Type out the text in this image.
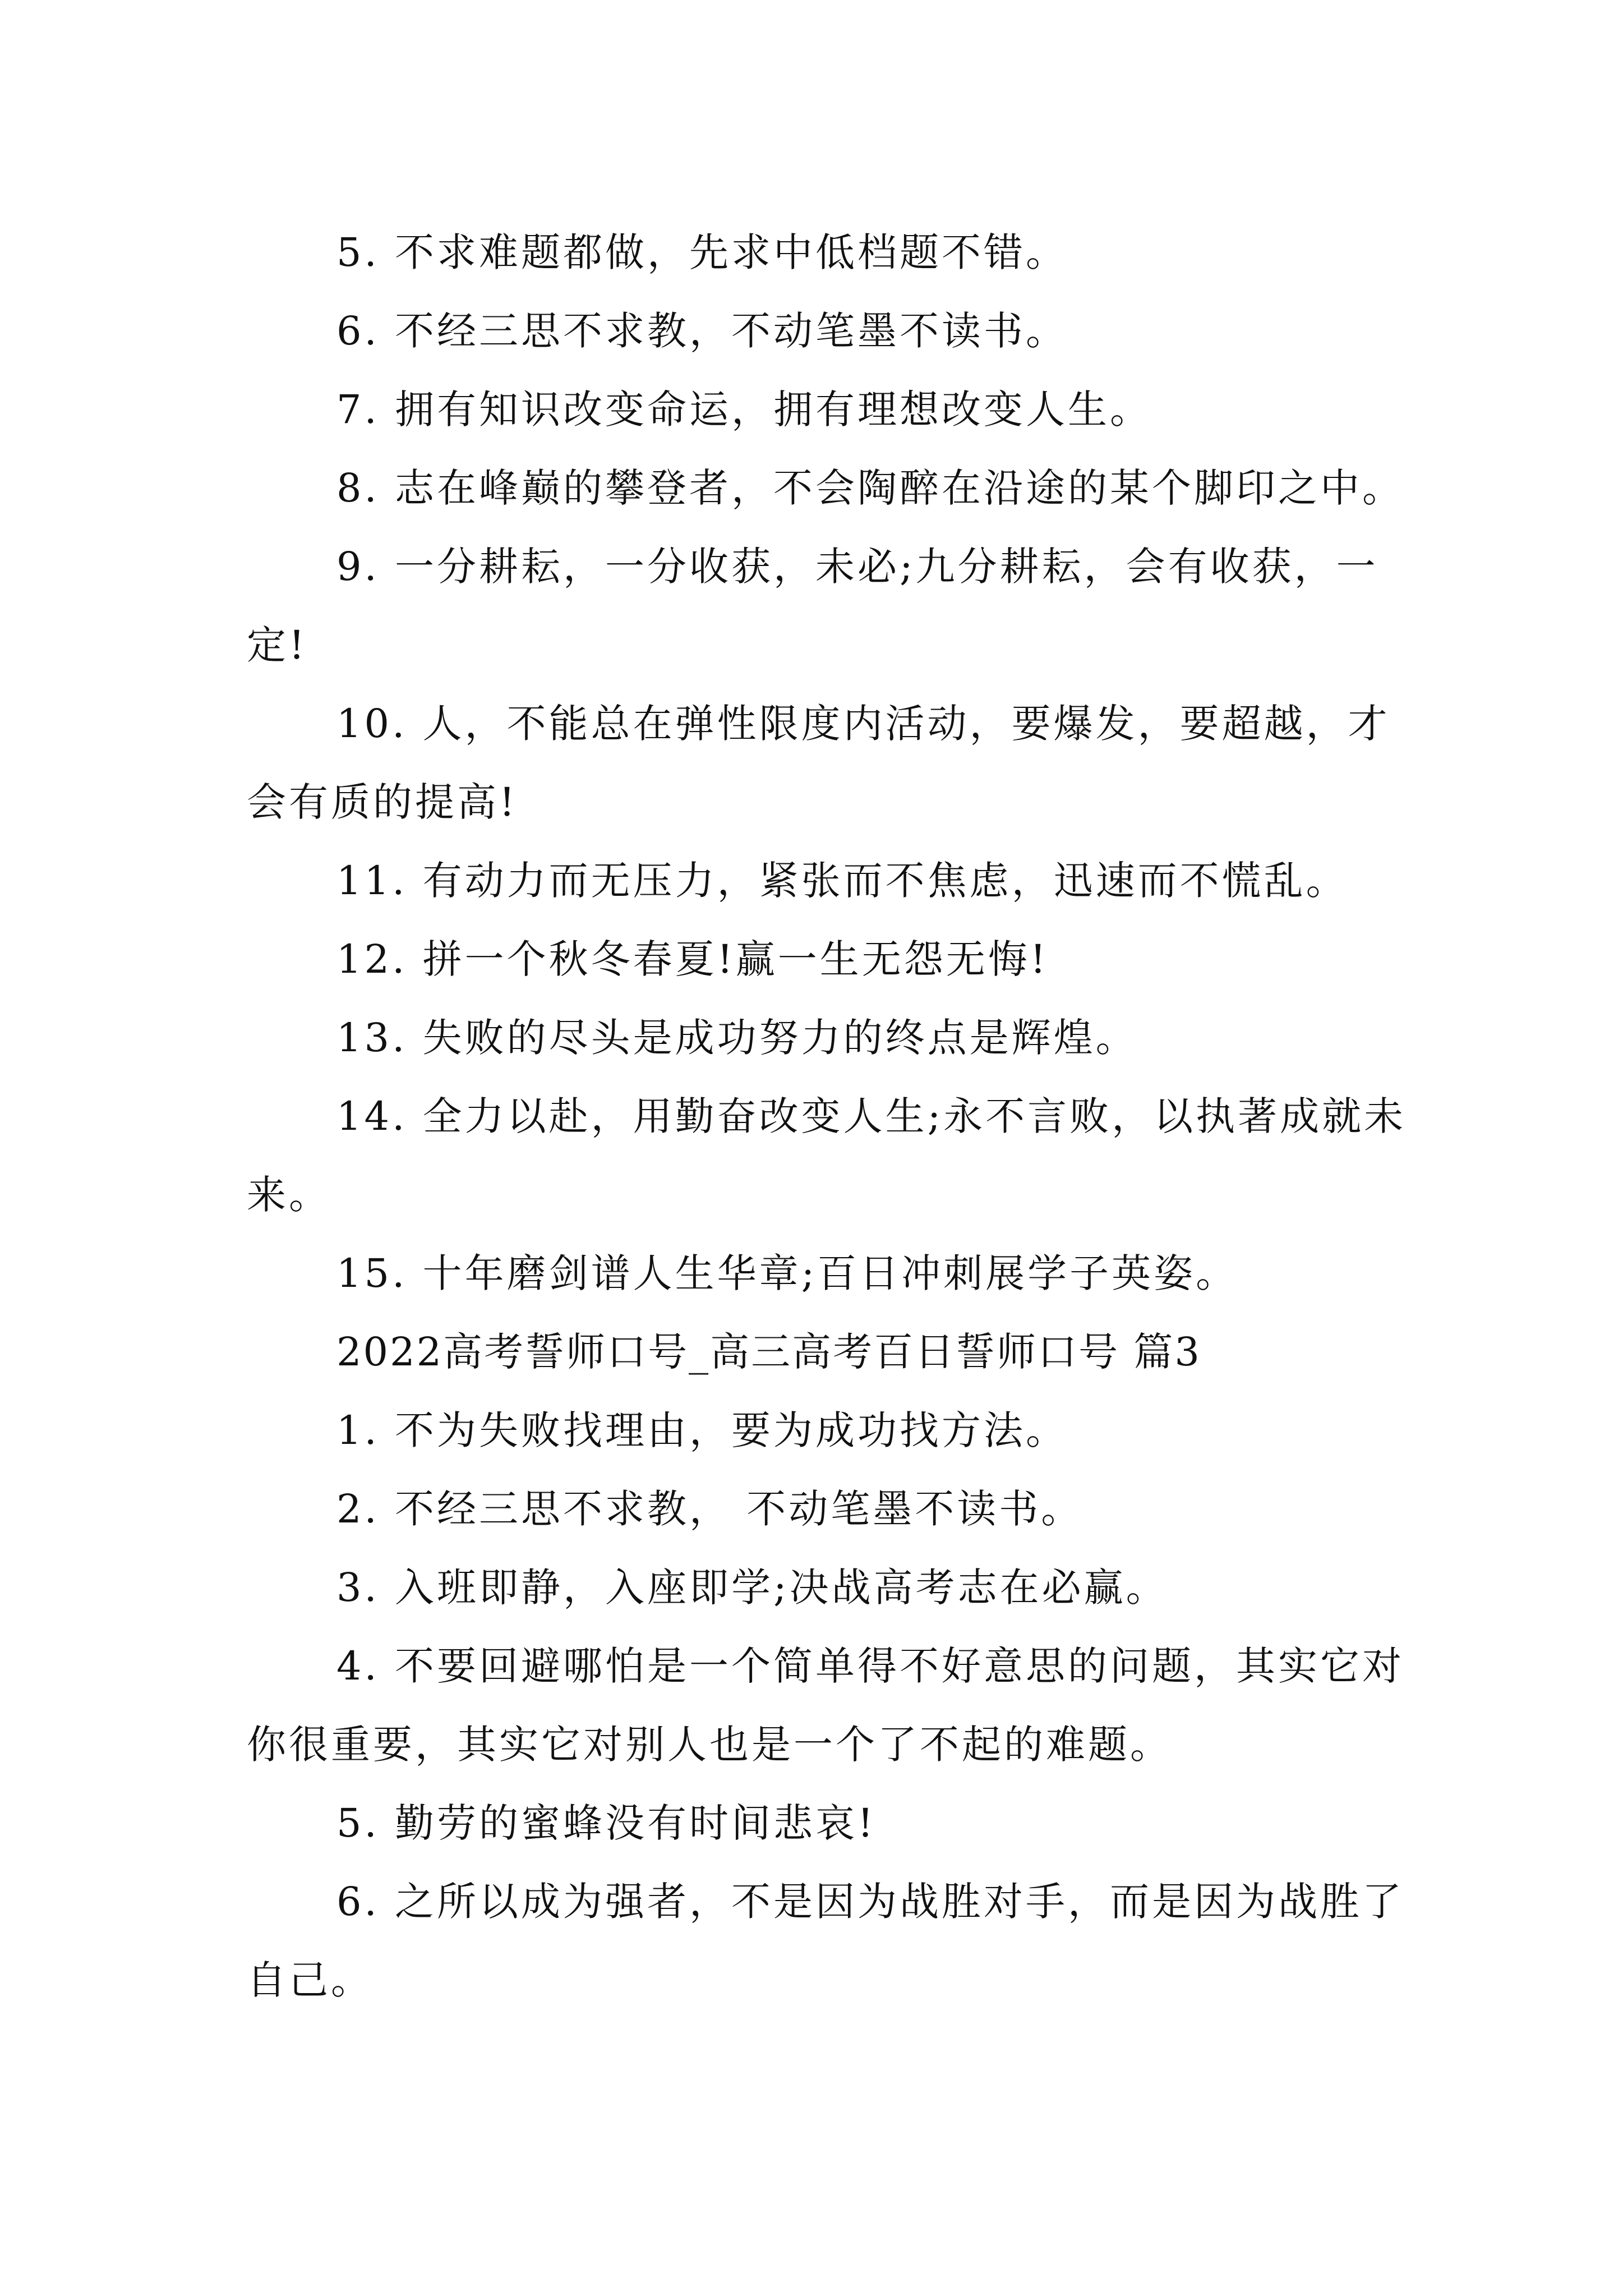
5. 不求难题都做，先求中低档题不错。

6. 不经三思不求教，不动笔墨不读书。

7. 拥有知识改变命运，拥有理想改变人生。

8. 志在峰巅的攀登者，不会陶醉在沿途的某个脚印之中。

9. 一分耕耘，一分收获，未必;九分耕耘，会有收获，一定!

10. 人，不能总在弹性限度内活动，要爆发，要超越，才会有质的提高!

11. 有动力而无压力，紧张而不焦虑，迅速而不慌乱。

12. 拼一个秋冬春夏!赢一生无怨无悔!

13. 失败的尽头是成功努力的终点是辉煌。

14. 全力以赴，用勤奋改变人生;永不言败，以执著成就未来。

15. 十年磨剑谱人生华章;百日冲刺展学子英姿。

2022高考誓师口号_高三高考百日誓师口号 篇3

1. 不为失败找理由，要为成功找方法。

2. 不经三思不求教， 不动笔墨不读书。

3. 入班即静，入座即学;决战高考志在必赢。

4. 不要回避哪怕是一个简单得不好意思的问题，其实它对你很重要，其实它对别人也是一个了不起的难题。

5. 勤劳的蜜蜂没有时间悲哀!

6. 之所以成为强者，不是因为战胜对手，而是因为战胜了自己。
